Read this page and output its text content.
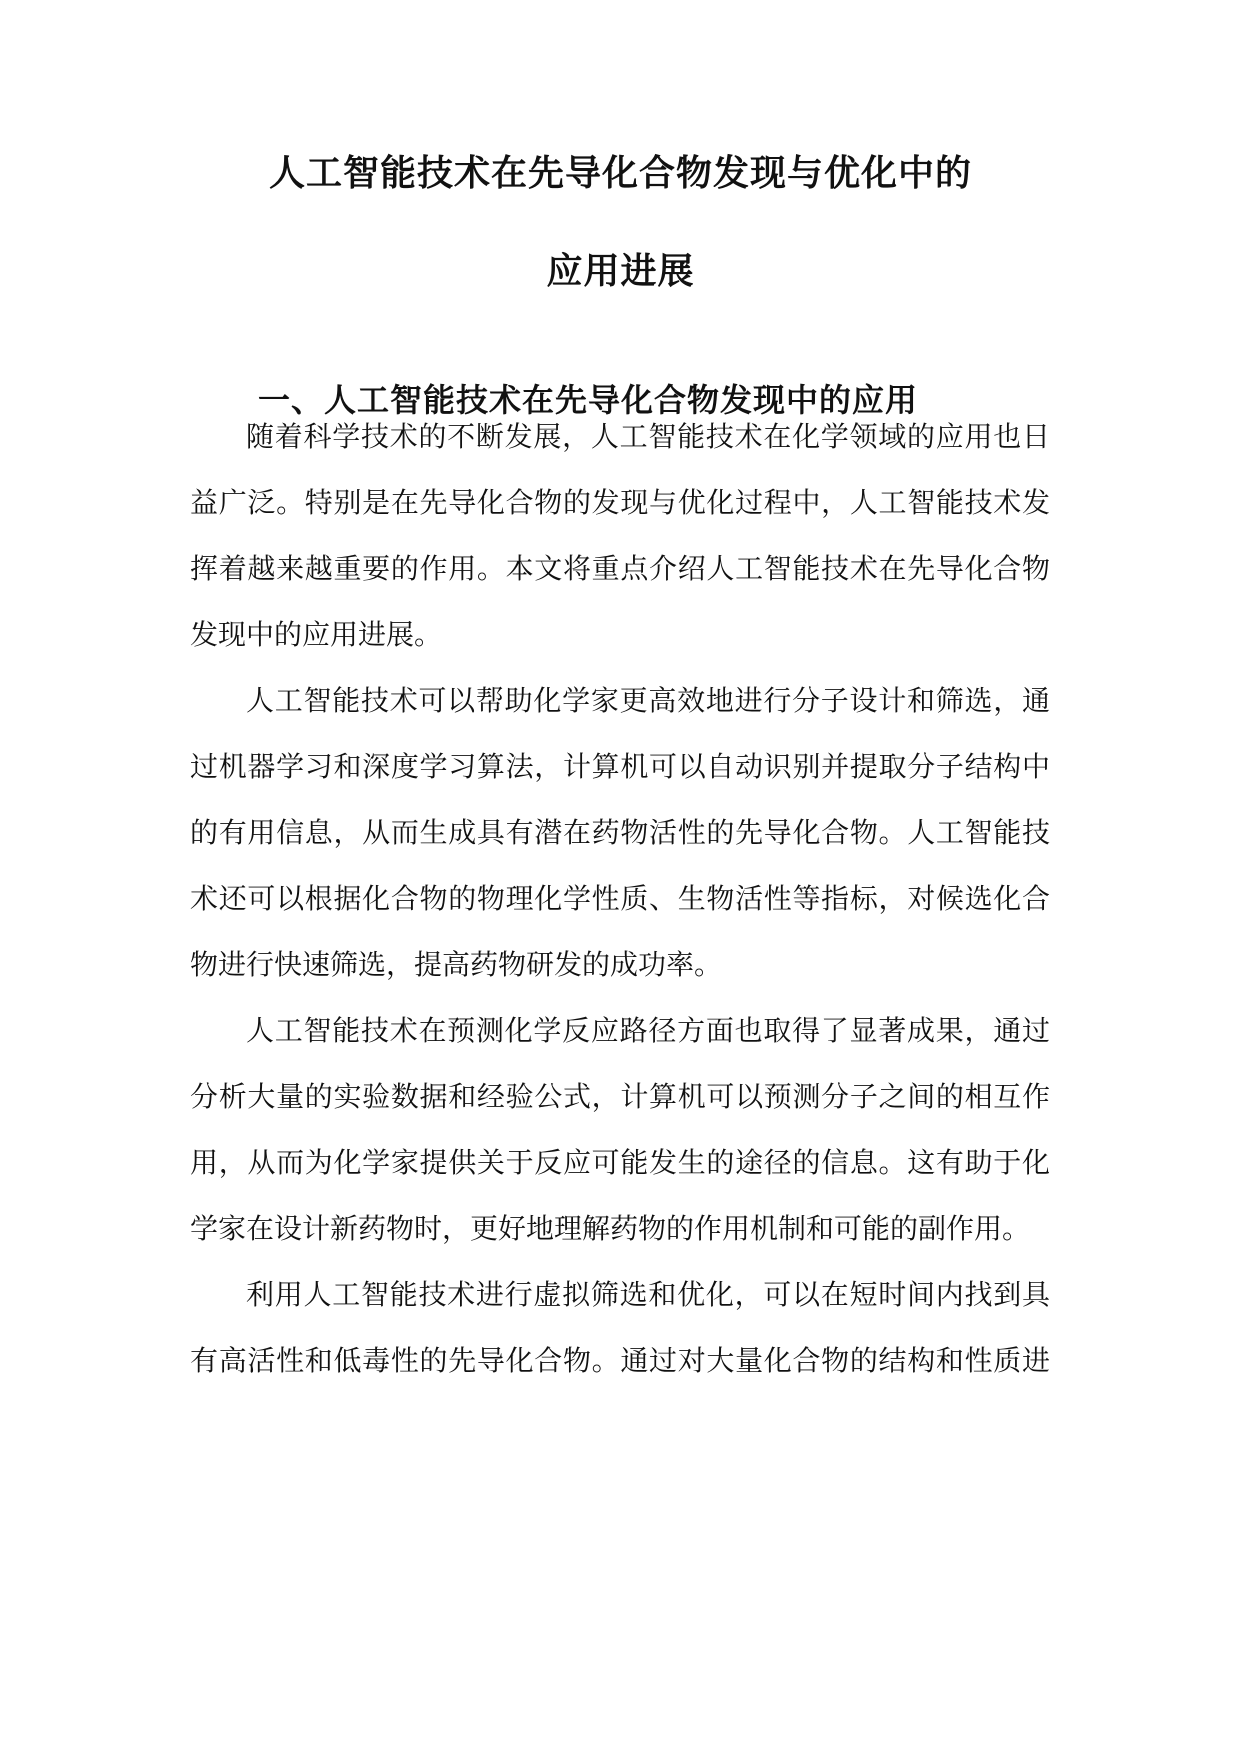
人工智能技术在先导化合物发现与优化中的
应用进展
一、人工智能技术在先导化合物发现中的应用
随着科学技术的不断发展，人工智能技术在化学领域的应用也日
益广泛。特别是在先导化合物的发现与优化过程中，人工智能技术发
挥着越来越重要的作用。本文将重点介绍人工智能技术在先导化合物
发现中的应用进展。
人工智能技术可以帮助化学家更高效地进行分子设计和筛选，通
过机器学习和深度学习算法，计算机可以自动识别并提取分子结构中
的有用信息，从而生成具有潜在药物活性的先导化合物。人工智能技
术还可以根据化合物的物理化学性质、生物活性等指标，对候选化合
物进行快速筛选，提高药物研发的成功率。
人工智能技术在预测化学反应路径方面也取得了显著成果，通过
分析大量的实验数据和经验公式，计算机可以预测分子之间的相互作
用，从而为化学家提供关于反应可能发生的途径的信息。这有助于化
学家在设计新药物时，更好地理解药物的作用机制和可能的副作用。
利用人工智能技术进行虚拟筛选和优化，可以在短时间内找到具
有高活性和低毒性的先导化合物。通过对大量化合物的结构和性质进
